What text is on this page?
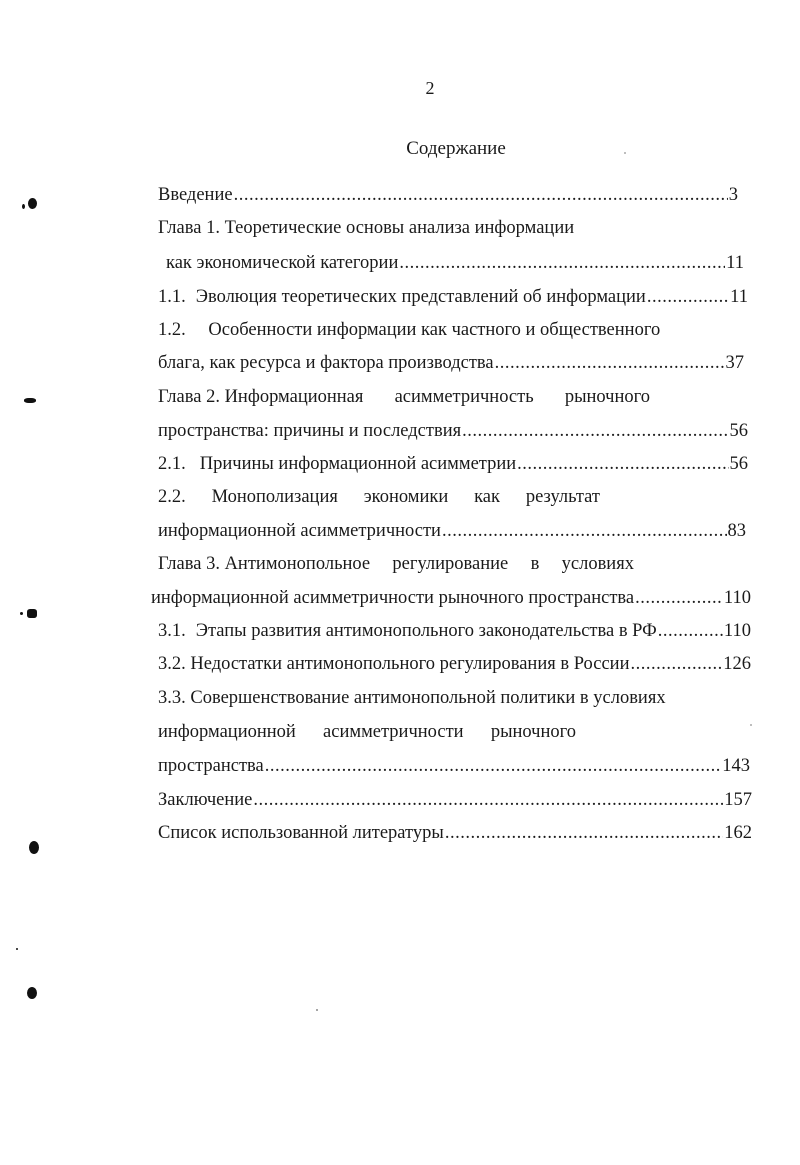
2
Содержание
Введение .....	3
Глава 1. Теоретические основы анализа информации
как экономической категории .....	11
1.1. Эволюция теоретических представлений об информации .....	11
1.2. Особенности информации как частного и общественного
блага, как ресурса и фактора производства .....	37
Глава 2. Информационная асимметричность рыночного
пространства: причины и последствия .....	56
2.1. Причины информационной асимметрии .....	56
2.2. Монополизация экономики как результат
информационной асимметричности .....	83
Глава 3. Антимонопольное регулирование в условиях
информационной асимметричности рыночного пространства .....	110
3.1. Этапы развития антимонопольного законодательства в РФ .....	110
3.2. Недостатки антимонопольного регулирования в России .....	126
3.3. Совершенствование антимонопольной политики в условиях
информационной асимметричности рыночного
пространства .....	143
Заключение .....	157
Список использованной литературы .....	162
